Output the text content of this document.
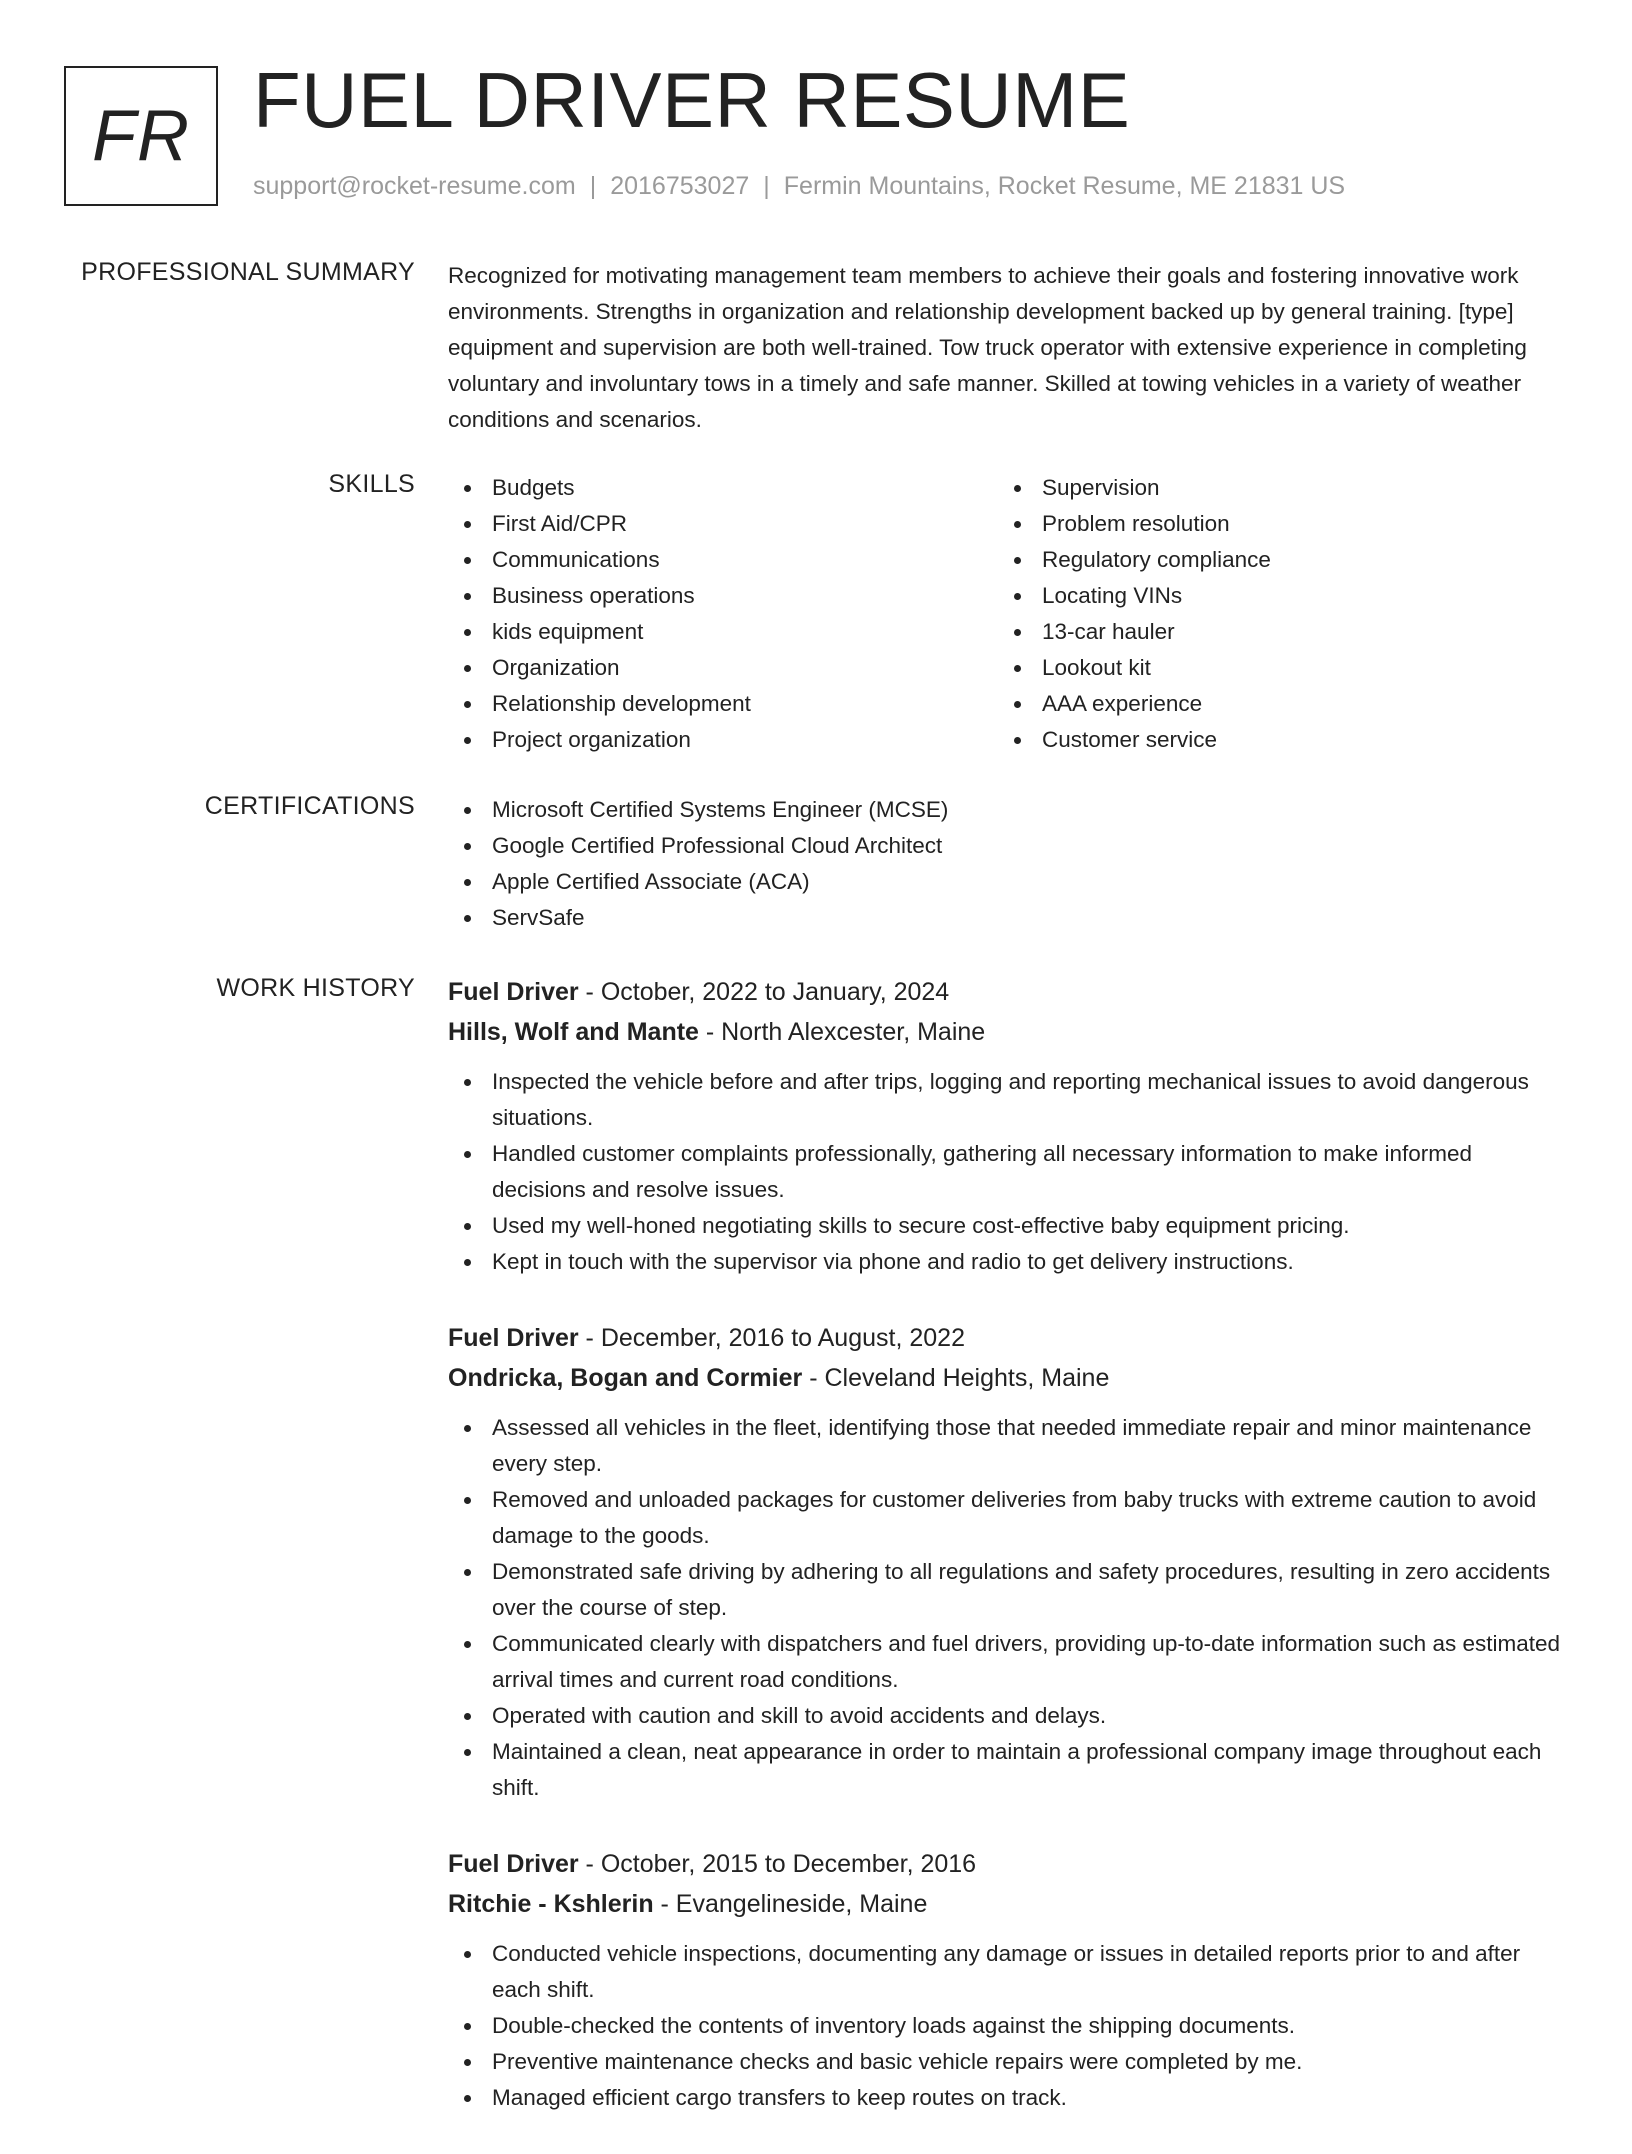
FR FUEL DRIVER RESUME
support@rocket-resume.com | 2016753027 | Fermin Mountains, Rocket Resume, ME 21831 US
PROFESSIONAL SUMMARY Recognized for motivating management team members to achieve their goals and fostering innovative work environments. Strengths in organization and relationship development backed up by general training. [type] equipment and supervision are both well-trained. Tow truck operator with extensive experience in completing voluntary and involuntary tows in a timely and safe manner. Skilled at towing vehicles in a variety of weather conditions and scenarios.

SKILLS	Budgets
First Aid/CPR
Communications
Business operations
kids equipment
Organization
Relationship development
Project organization
Supervision
Problem resolution
Regulatory compliance
Locating VINs
13-car hauler
Lookout kit
AAA experience
Customer service
CERTIFICATIONS	Microsoft Certified Systems Engineer (MCSE)
Google Certified Professional Cloud Architect
Apple Certified Associate (ACA)
ServSafe
WORK HISTORY Fuel Driver - October, 2022 to January, 2024
Hills, Wolf and Mante - North Alexcester, Maine
Inspected the vehicle before and after trips, logging and reporting mechanical issues to avoid dangerous situations.
Handled customer complaints professionally, gathering all necessary information to make informed decisions and resolve issues.
Used my well-honed negotiating skills to secure cost-effective baby equipment pricing.
Kept in touch with the supervisor via phone and radio to get delivery instructions.
Fuel Driver - December, 2016 to August, 2022
Ondricka, Bogan and Cormier - Cleveland Heights, Maine
Assessed all vehicles in the fleet, identifying those that needed immediate repair and minor maintenance every step.
Removed and unloaded packages for customer deliveries from baby trucks with extreme caution to avoid damage to the goods.
Demonstrated safe driving by adhering to all regulations and safety procedures, resulting in zero accidents over the course of step.
Communicated clearly with dispatchers and fuel drivers, providing up-to-date information such as estimated arrival times and current road conditions.
Operated with caution and skill to avoid accidents and delays.
Maintained a clean, neat appearance in order to maintain a professional company image throughout each shift.
Fuel Driver - October, 2015 to December, 2016
Ritchie - Kshlerin - Evangelineside, Maine
Conducted vehicle inspections, documenting any damage or issues in detailed reports prior to and after each shift.
Double-checked the contents of inventory loads against the shipping documents.
Preventive maintenance checks and basic vehicle repairs were completed by me.
Managed efficient cargo transfers to keep routes on track.
